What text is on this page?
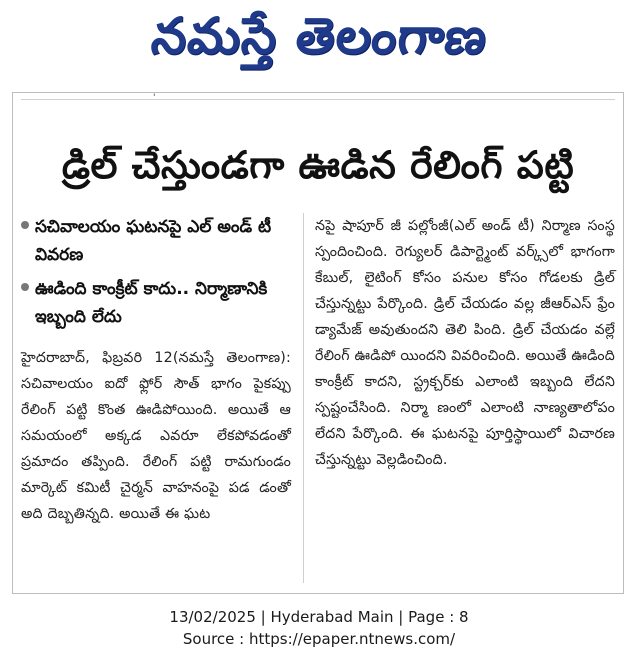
నమస్తే తెలంగాణ
'
డ్రిల్ చేస్తుండగా ఊడిన రేలింగ్ పట్టి
సచివాలయం ఘటనపై ఎల్ అండ్ టీ వివరణ
ఊడింది కాంక్రీట్ కాదు.. నిర్మాణానికి ఇబ్బంది లేదు
హైదరాబాద్, ఫిబ్రవరి 12(నమస్తే తెలంగాణ): సచివాలయం ఐదో ఫ్లోర్ సౌత్ భాగం పైకప్పు రేలింగ్ పట్టి కొంత ఊడిపోయింది. అయితే ఆ సమయంలో అక్కడ ఎవరూ లేకపోవడంతో ప్రమాదం తప్పింది. రేలింగ్ పట్టి రామగుండం మార్కెట్ కమిటీ చైర్మన్ వాహనంపై పడ డంతో అది దెబ్బతిన్నది. అయితే ఈ ఘట
నపై షాపూర్ జీ పల్లోంజీ(ఎల్ అండ్ టీ) నిర్మాణ సంస్థ స్పందించింది. రెగ్యులర్ డిపార్ట్మెంట్ వర్క్స్‌లో భాగంగా కేబుల్, లైటింగ్ కోసం పనుల కోసం గోడలకు డ్రిల్ చేస్తున్నట్టు పేర్కొంది. డ్రిల్ చేయడం వల్ల జీఆర్‌ఎస్ ఫ్రేం డ్యామేజ్ అవుతుందని తెలి పింది. డ్రిల్ చేయడం వల్లే రేలింగ్ ఊడిపో యిందని వివరించింది. అయితే ఊడింది కాంక్రీట్ కాదని, స్ట్రక్చర్‌కు ఎలాంటి ఇబ్బంది లేదని స్పష్టంచేసింది. నిర్మా ణంలో ఎలాంటి నాణ్యతాలోపం లేదని పేర్కొంది. ఈ ఘటనపై పూర్తిస్థాయిలో విచారణ చేస్తున్నట్టు వెల్లడించింది.
13/02/2025 | Hyderabad Main | Page : 8
Source : https://epaper.ntnews.com/
